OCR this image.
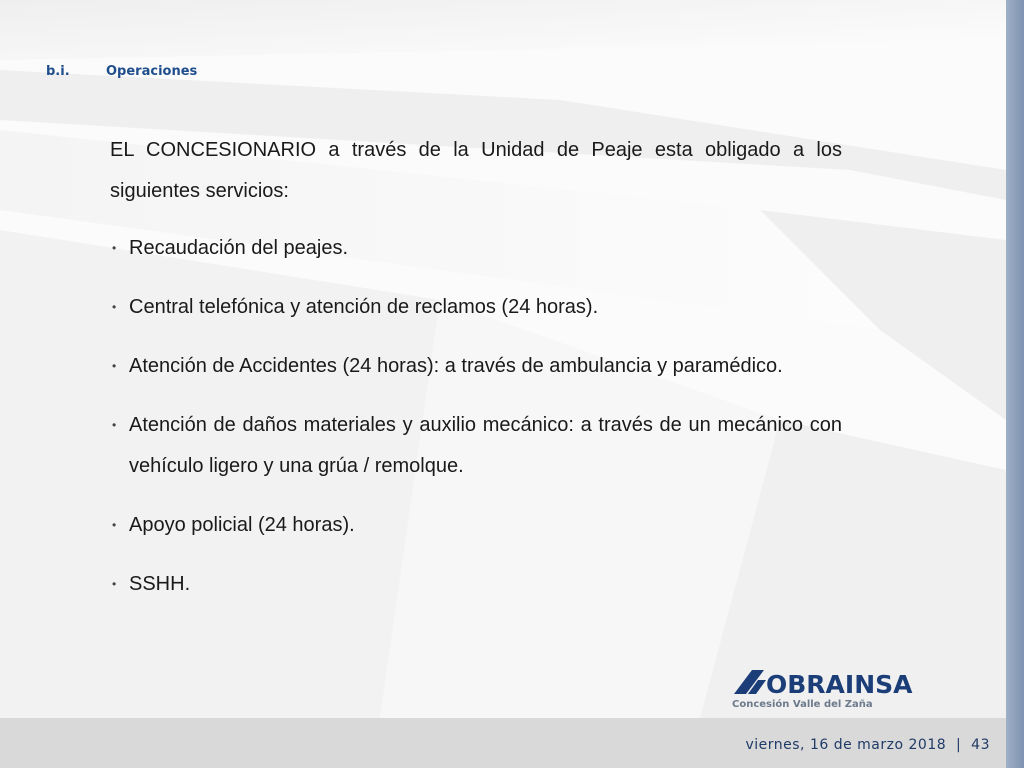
b.i.	Operaciones

EL CONCESIONARIO a través de la Unidad de Peaje esta obligado a los siguientes servicios:

• Recaudación del peajes.
• Central telefónica y atención de reclamos (24 horas).
• Atención de Accidentes (24 horas): a través de ambulancia y paramédico.
• Atención de daños materiales y auxilio mecánico: a través de un mecánico con vehículo ligero y una grúa / remolque.
• Apoyo policial (24 horas).
• SSHH.
OBRAINSA
Concesión Valle del Zaña
viernes, 16 de marzo 2018 | 43
